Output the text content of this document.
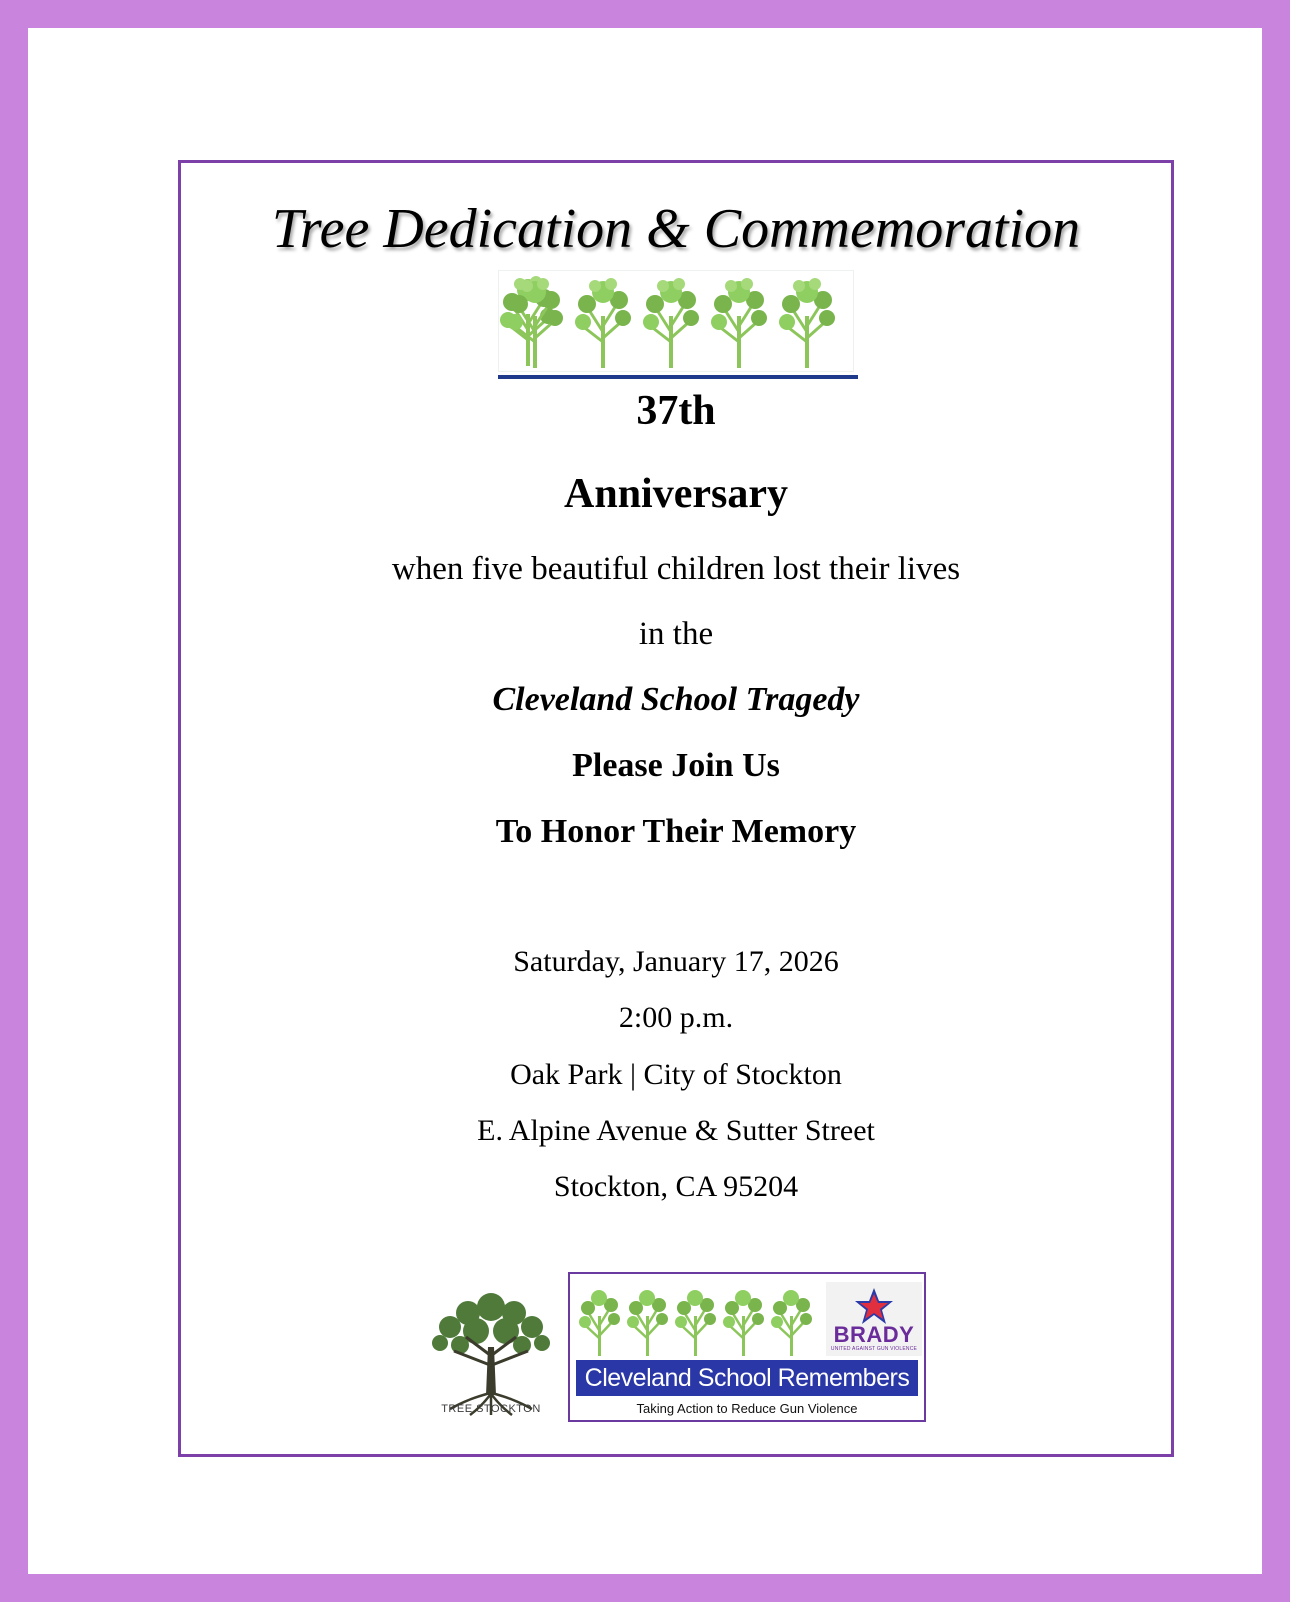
Tree Dedication & Commemoration
37th
Anniversary
when five beautiful children lost their lives
in the
Cleveland School Tragedy
Please Join Us
To Honor Their Memory
Saturday, January 17, 2026
2:00 p.m.
Oak Park | City of Stockton
E. Alpine Avenue & Sutter Street
Stockton, CA 95204
TREE STOCKTON
BRADY
UNITED AGAINST GUN VIOLENCE
Cleveland School Remembers
Taking Action to Reduce Gun Violence
